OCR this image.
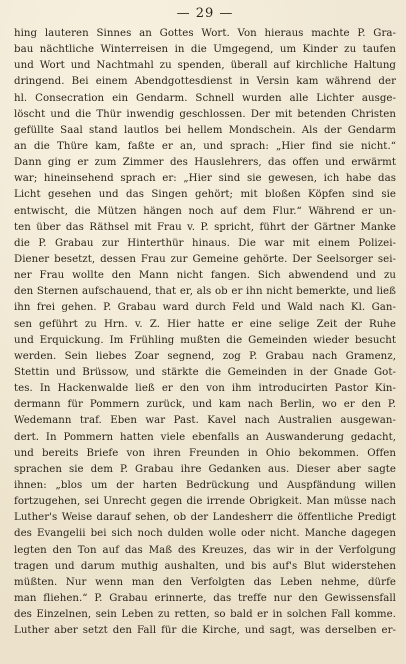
— 29 —
hing lauteren Sinnes an Gottes Wort. Von hieraus machte P. Gra-
bau nächtliche Winterreisen in die Umgegend, um Kinder zu taufen
und Wort und Nachtmahl zu spenden, überall auf kirchliche Haltung
dringend. Bei einem Abendgottesdienst in Versin kam während der
hl. Consecration ein Gendarm. Schnell wurden alle Lichter ausge-
löscht und die Thür inwendig geschlossen. Der mit betenden Christen
gefüllte Saal stand lautlos bei hellem Mondschein. Als der Gendarm
an die Thüre kam, faßte er an, und sprach: „Hier find sie nicht.“
Dann ging er zum Zimmer des Hauslehrers, das offen und erwärmt
war; hineinsehend sprach er: „Hier sind sie gewesen, ich habe das
Licht gesehen und das Singen gehört; mit bloßen Köpfen sind sie
entwischt, die Mützen hängen noch auf dem Flur.“ Während er un-
ten über das Räthsel mit Frau v. P. spricht, führt der Gärtner Manke
die P. Grabau zur Hinterthür hinaus. Die war mit einem Polizei-
Diener besetzt, dessen Frau zur Gemeine gehörte. Der Seelsorger sei-
ner Frau wollte den Mann nicht fangen. Sich abwendend und zu
den Sternen aufschauend, that er, als ob er ihn nicht bemerkte, und ließ
ihn frei gehen. P. Grabau ward durch Feld und Wald nach Kl. Gan-
sen geführt zu Hrn. v. Z. Hier hatte er eine selige Zeit der Ruhe
und Erquickung. Im Frühling mußten die Gemeinden wieder besucht
werden. Sein liebes Zoar segnend, zog P. Grabau nach Gramenz,
Stettin und Brüssow, und stärkte die Gemeinden in der Gnade Got-
tes. In Hackenwalde ließ er den von ihm introducirten Pastor Kin-
dermann für Pommern zurück, und kam nach Berlin, wo er den P.
Wedemann traf. Eben war Past. Kavel nach Australien ausgewan-
dert. In Pommern hatten viele ebenfalls an Auswanderung gedacht,
und bereits Briefe von ihren Freunden in Ohio bekommen. Offen
sprachen sie dem P. Grabau ihre Gedanken aus. Dieser aber sagte
ihnen: „blos um der harten Bedrückung und Auspfändung willen
fortzugehen, sei Unrecht gegen die irrende Obrigkeit. Man müsse nach
Luther's Weise darauf sehen, ob der Landesherr die öffentliche Predigt
des Evangelii bei sich noch dulden wolle oder nicht. Manche dagegen
legten den Ton auf das Maß des Kreuzes, das wir in der Verfolgung
tragen und darum muthig aushalten, und bis auf's Blut widerstehen
müßten. Nur wenn man den Verfolgten das Leben nehme, dürfe
man fliehen.“ P. Grabau erinnerte, das treffe nur den Gewissensfall
des Einzelnen, sein Leben zu retten, so bald er in solchen Fall komme.
Luther aber setzt den Fall für die Kirche, und sagt, was derselben er-
